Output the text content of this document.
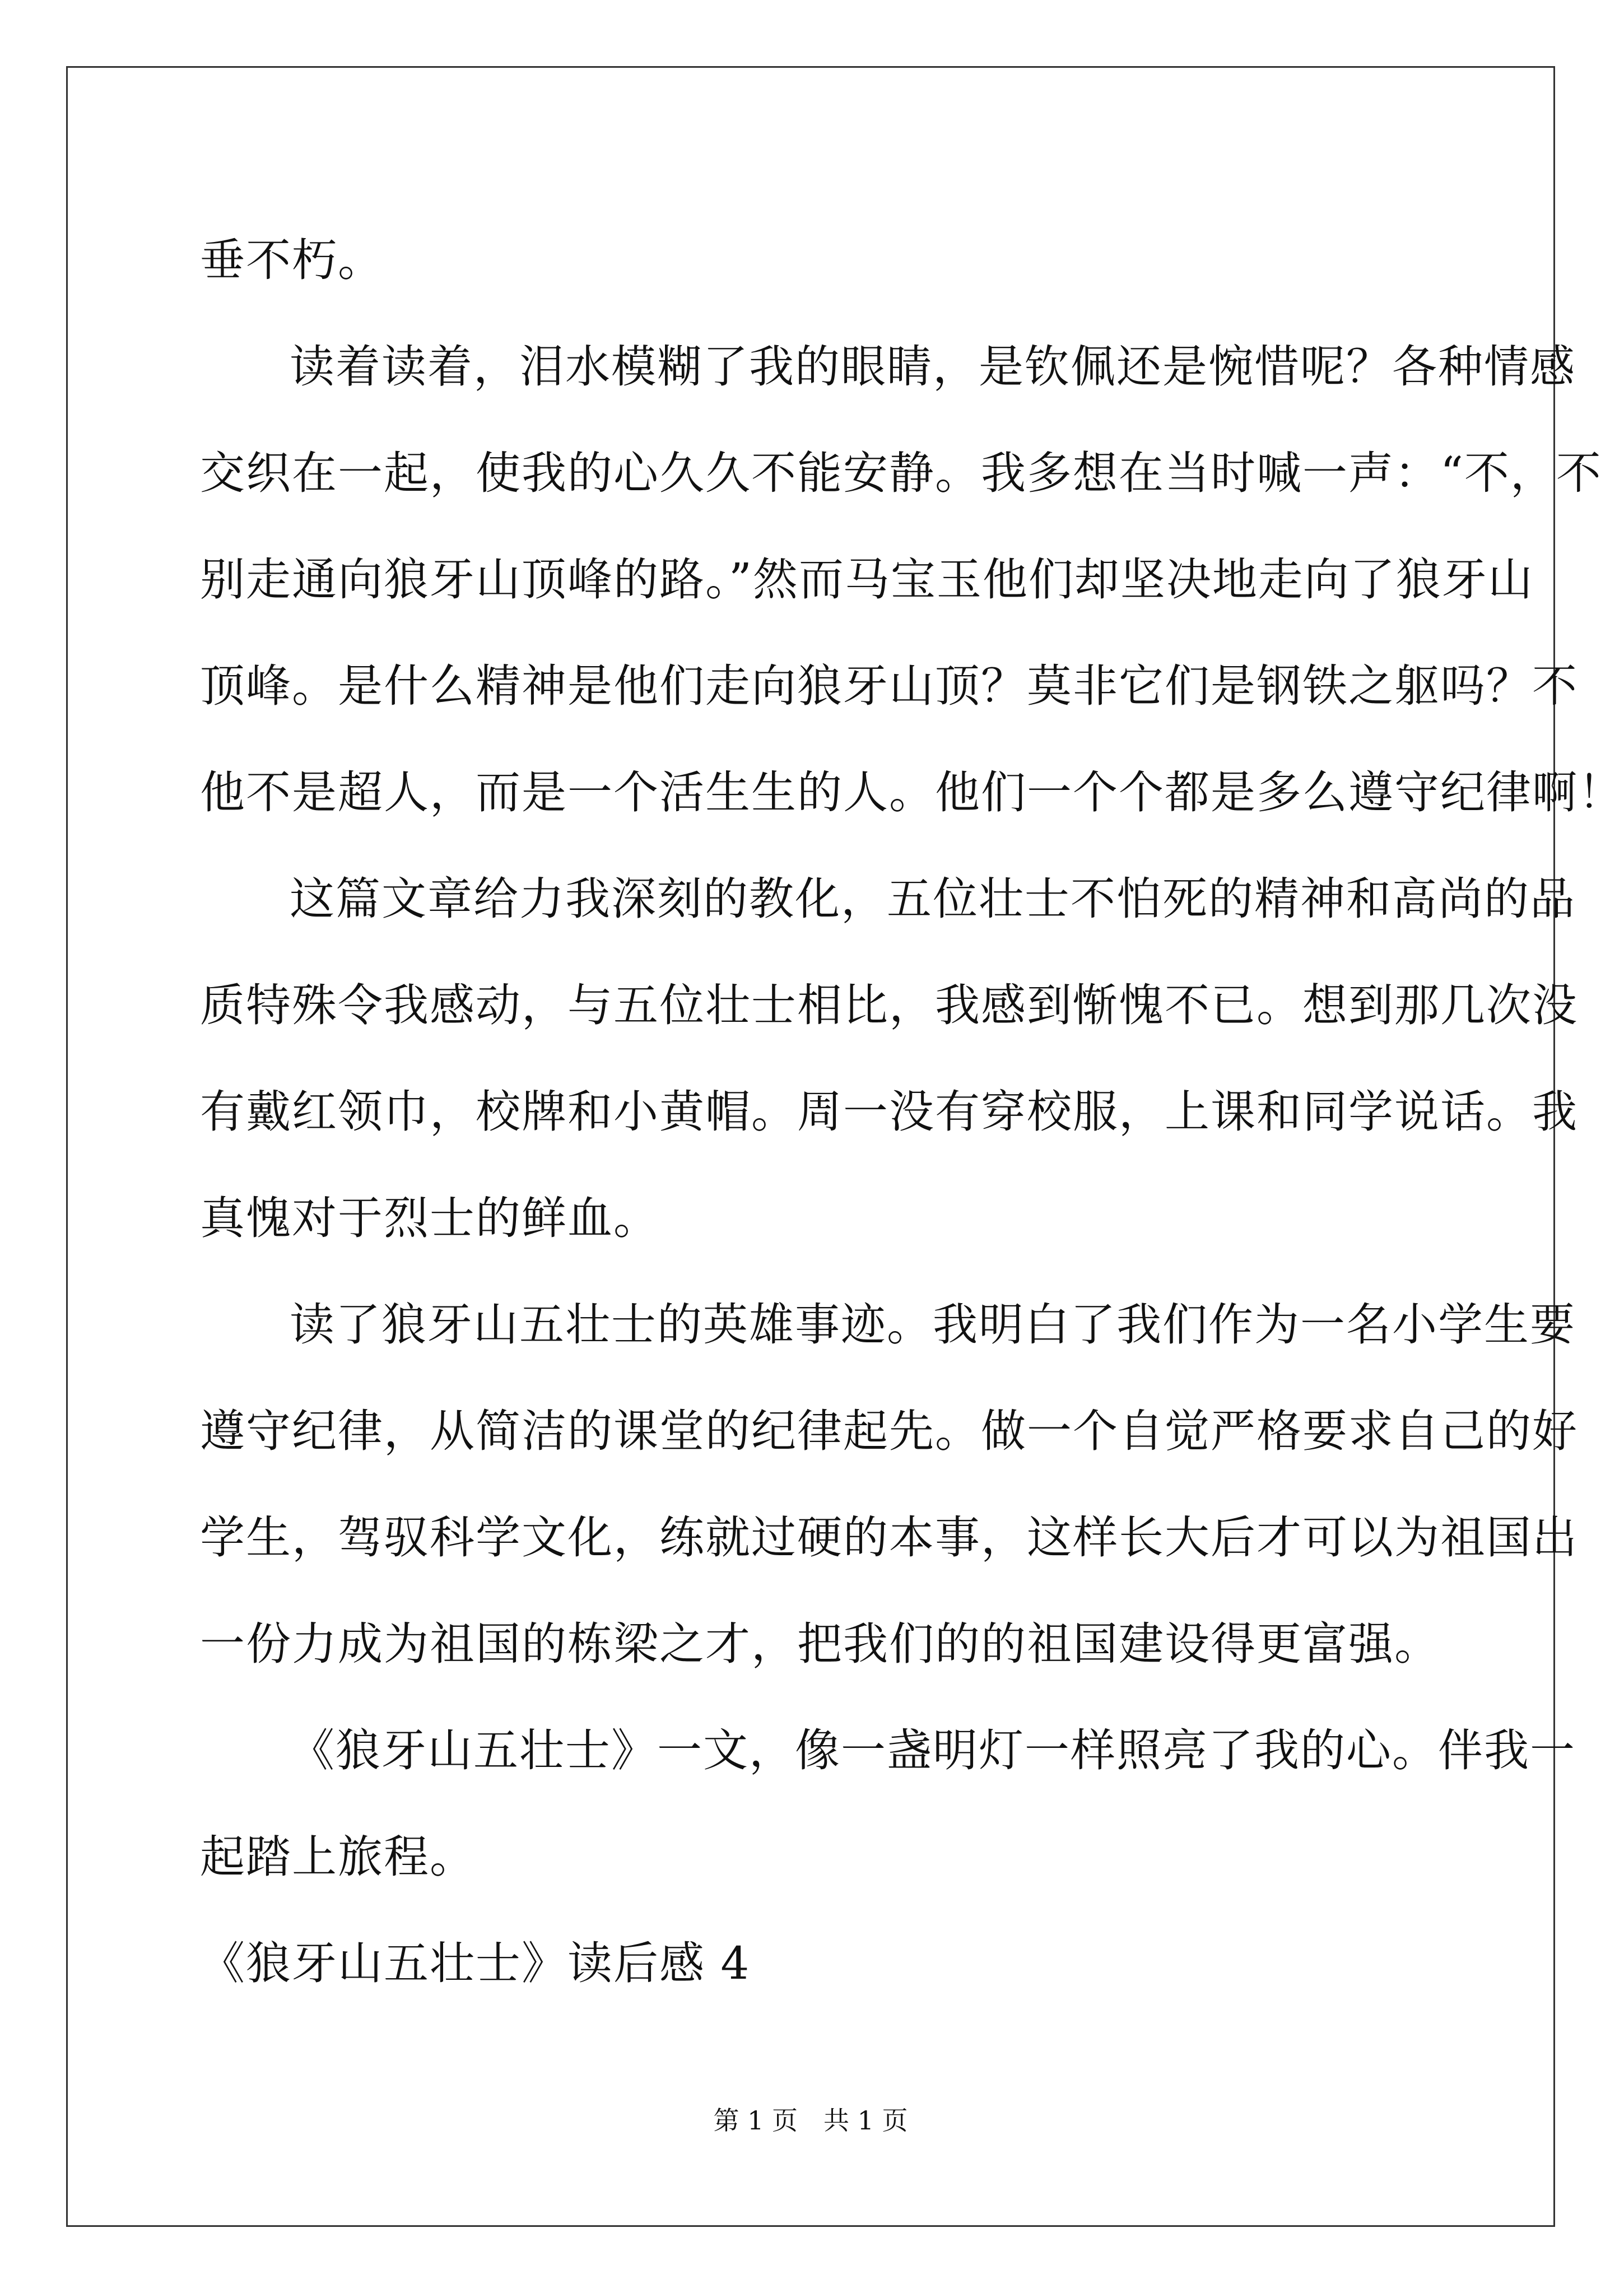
垂不朽。
读着读着，泪水模糊了我的眼睛，是钦佩还是惋惜呢？各种情感
交织在一起，使我的心久久不能安静。我多想在当时喊一声：“不，不
别走通向狼牙山顶峰的路。”然而马宝玉他们却坚决地走向了狼牙山
顶峰。是什么精神是他们走向狼牙山顶？莫非它们是钢铁之躯吗？不
他不是超人，而是一个活生生的人。他们一个个都是多么遵守纪律啊！
这篇文章给力我深刻的教化，五位壮士不怕死的精神和高尚的品
质特殊令我感动，与五位壮士相比，我感到惭愧不已。想到那几次没
有戴红领巾，校牌和小黄帽。周一没有穿校服，上课和同学说话。我
真愧对于烈士的鲜血。
读了狼牙山五壮士的英雄事迹。我明白了我们作为一名小学生要
遵守纪律，从简洁的课堂的纪律起先。做一个自觉严格要求自己的好
学生，驾驭科学文化，练就过硬的本事，这样长大后才可以为祖国出
一份力成为祖国的栋梁之才，把我们的的祖国建设得更富强。
《狼牙山五壮士》一文，像一盏明灯一样照亮了我的心。伴我一
起踏上旅程。
《狼牙山五壮士》读后感 4
第 1 页　共 1 页
